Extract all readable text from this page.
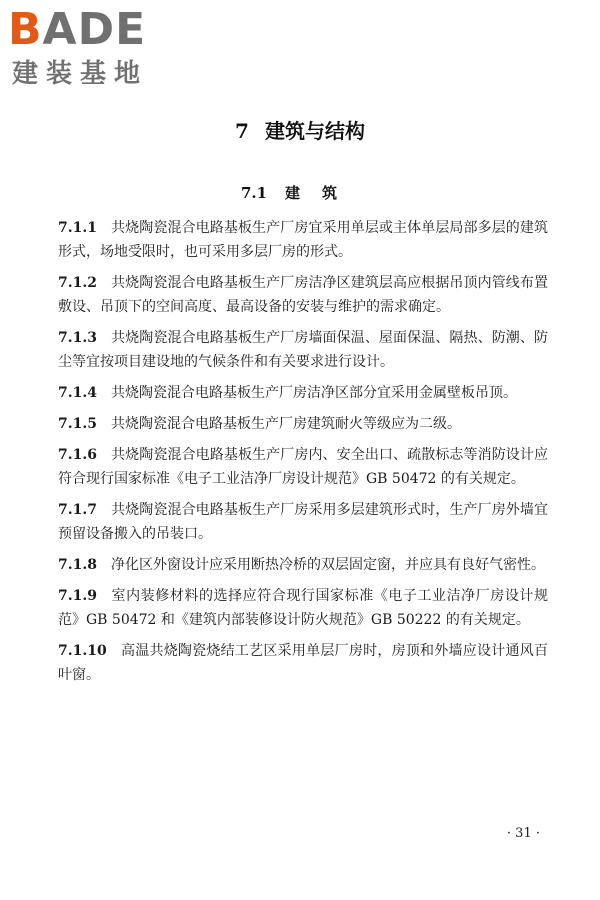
BADE
建装基地
7 建筑与结构
7.1 建筑

7.1.1 共烧陶瓷混合电路基板生产厂房宜采用单层或主体单层局部多层的建筑形式，场地受限时，也可采用多层厂房的形式。

7.1.2 共烧陶瓷混合电路基板生产厂房洁净区建筑层高应根据吊顶内管线布置敷设、吊顶下的空间高度、最高设备的安装与维护的需求确定。

7.1.3 共烧陶瓷混合电路基板生产厂房墙面保温、屋面保温、隔热、防潮、防尘等宜按项目建设地的气候条件和有关要求进行设计。

7.1.4 共烧陶瓷混合电路基板生产厂房洁净区部分宜采用金属壁板吊顶。

7.1.5 共烧陶瓷混合电路基板生产厂房建筑耐火等级应为二级。

7.1.6 共烧陶瓷混合电路基板生产厂房内、安全出口、疏散标志等消防设计应符合现行国家标准《电子工业洁净厂房设计规范》GB 50472 的有关规定。

7.1.7 共烧陶瓷混合电路基板生产厂房采用多层建筑形式时，生产厂房外墙宜预留设备搬入的吊装口。

7.1.8 净化区外窗设计应采用断热冷桥的双层固定窗，并应具有良好气密性。

7.1.9 室内装修材料的选择应符合现行国家标准《电子工业洁净厂房设计规范》GB 50472 和《建筑内部装修设计防火规范》GB 50222 的有关规定。

7.1.10 高温共烧陶瓷烧结工艺区采用单层厂房时，房顶和外墙应设计通风百叶窗。

· 31 ·
